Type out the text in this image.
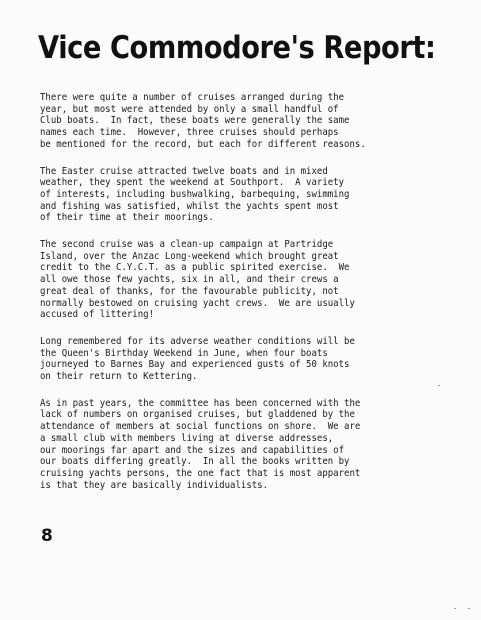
Vice Commodore's Report:
There were quite a number of cruises arranged during the
year, but most were attended by only a small handful of
Club boats.  In fact, these boats were generally the same
names each time.  However, three cruises should perhaps
be mentioned for the record, but each for different reasons.
The Easter cruise attracted twelve boats and in mixed
weather, they spent the weekend at Southport.  A variety
of interests, including bushwalking, barbequing, swimming
and fishing was satisfied, whilst the yachts spent most
of their time at their moorings.
The second cruise was a clean-up campaign at Partridge
Island, over the Anzac Long-weekend which brought great
credit to the C.Y.C.T. as a public spirited exercise.  We
all owe those few yachts, six in all, and their crews a
great deal of thanks, for the favourable publicity, not
normally bestowed on cruising yacht crews.  We are usually
accused of littering!
Long remembered for its adverse weather conditions will be
the Queen's Birthday Weekend in June, when four boats
journeyed to Barnes Bay and experienced gusts of 50 knots
on their return to Kettering.
As in past years, the committee has been concerned with the
lack of numbers on organised cruises, but gladdened by the
attendance of members at social functions on shore.  We are
a small club with members living at diverse addresses,
our moorings far apart and the sizes and capabilities of
our boats differing greatly.  In all the books written by
cruising yachts persons, the one fact that is most apparent
is that they are basically individualists.
8
